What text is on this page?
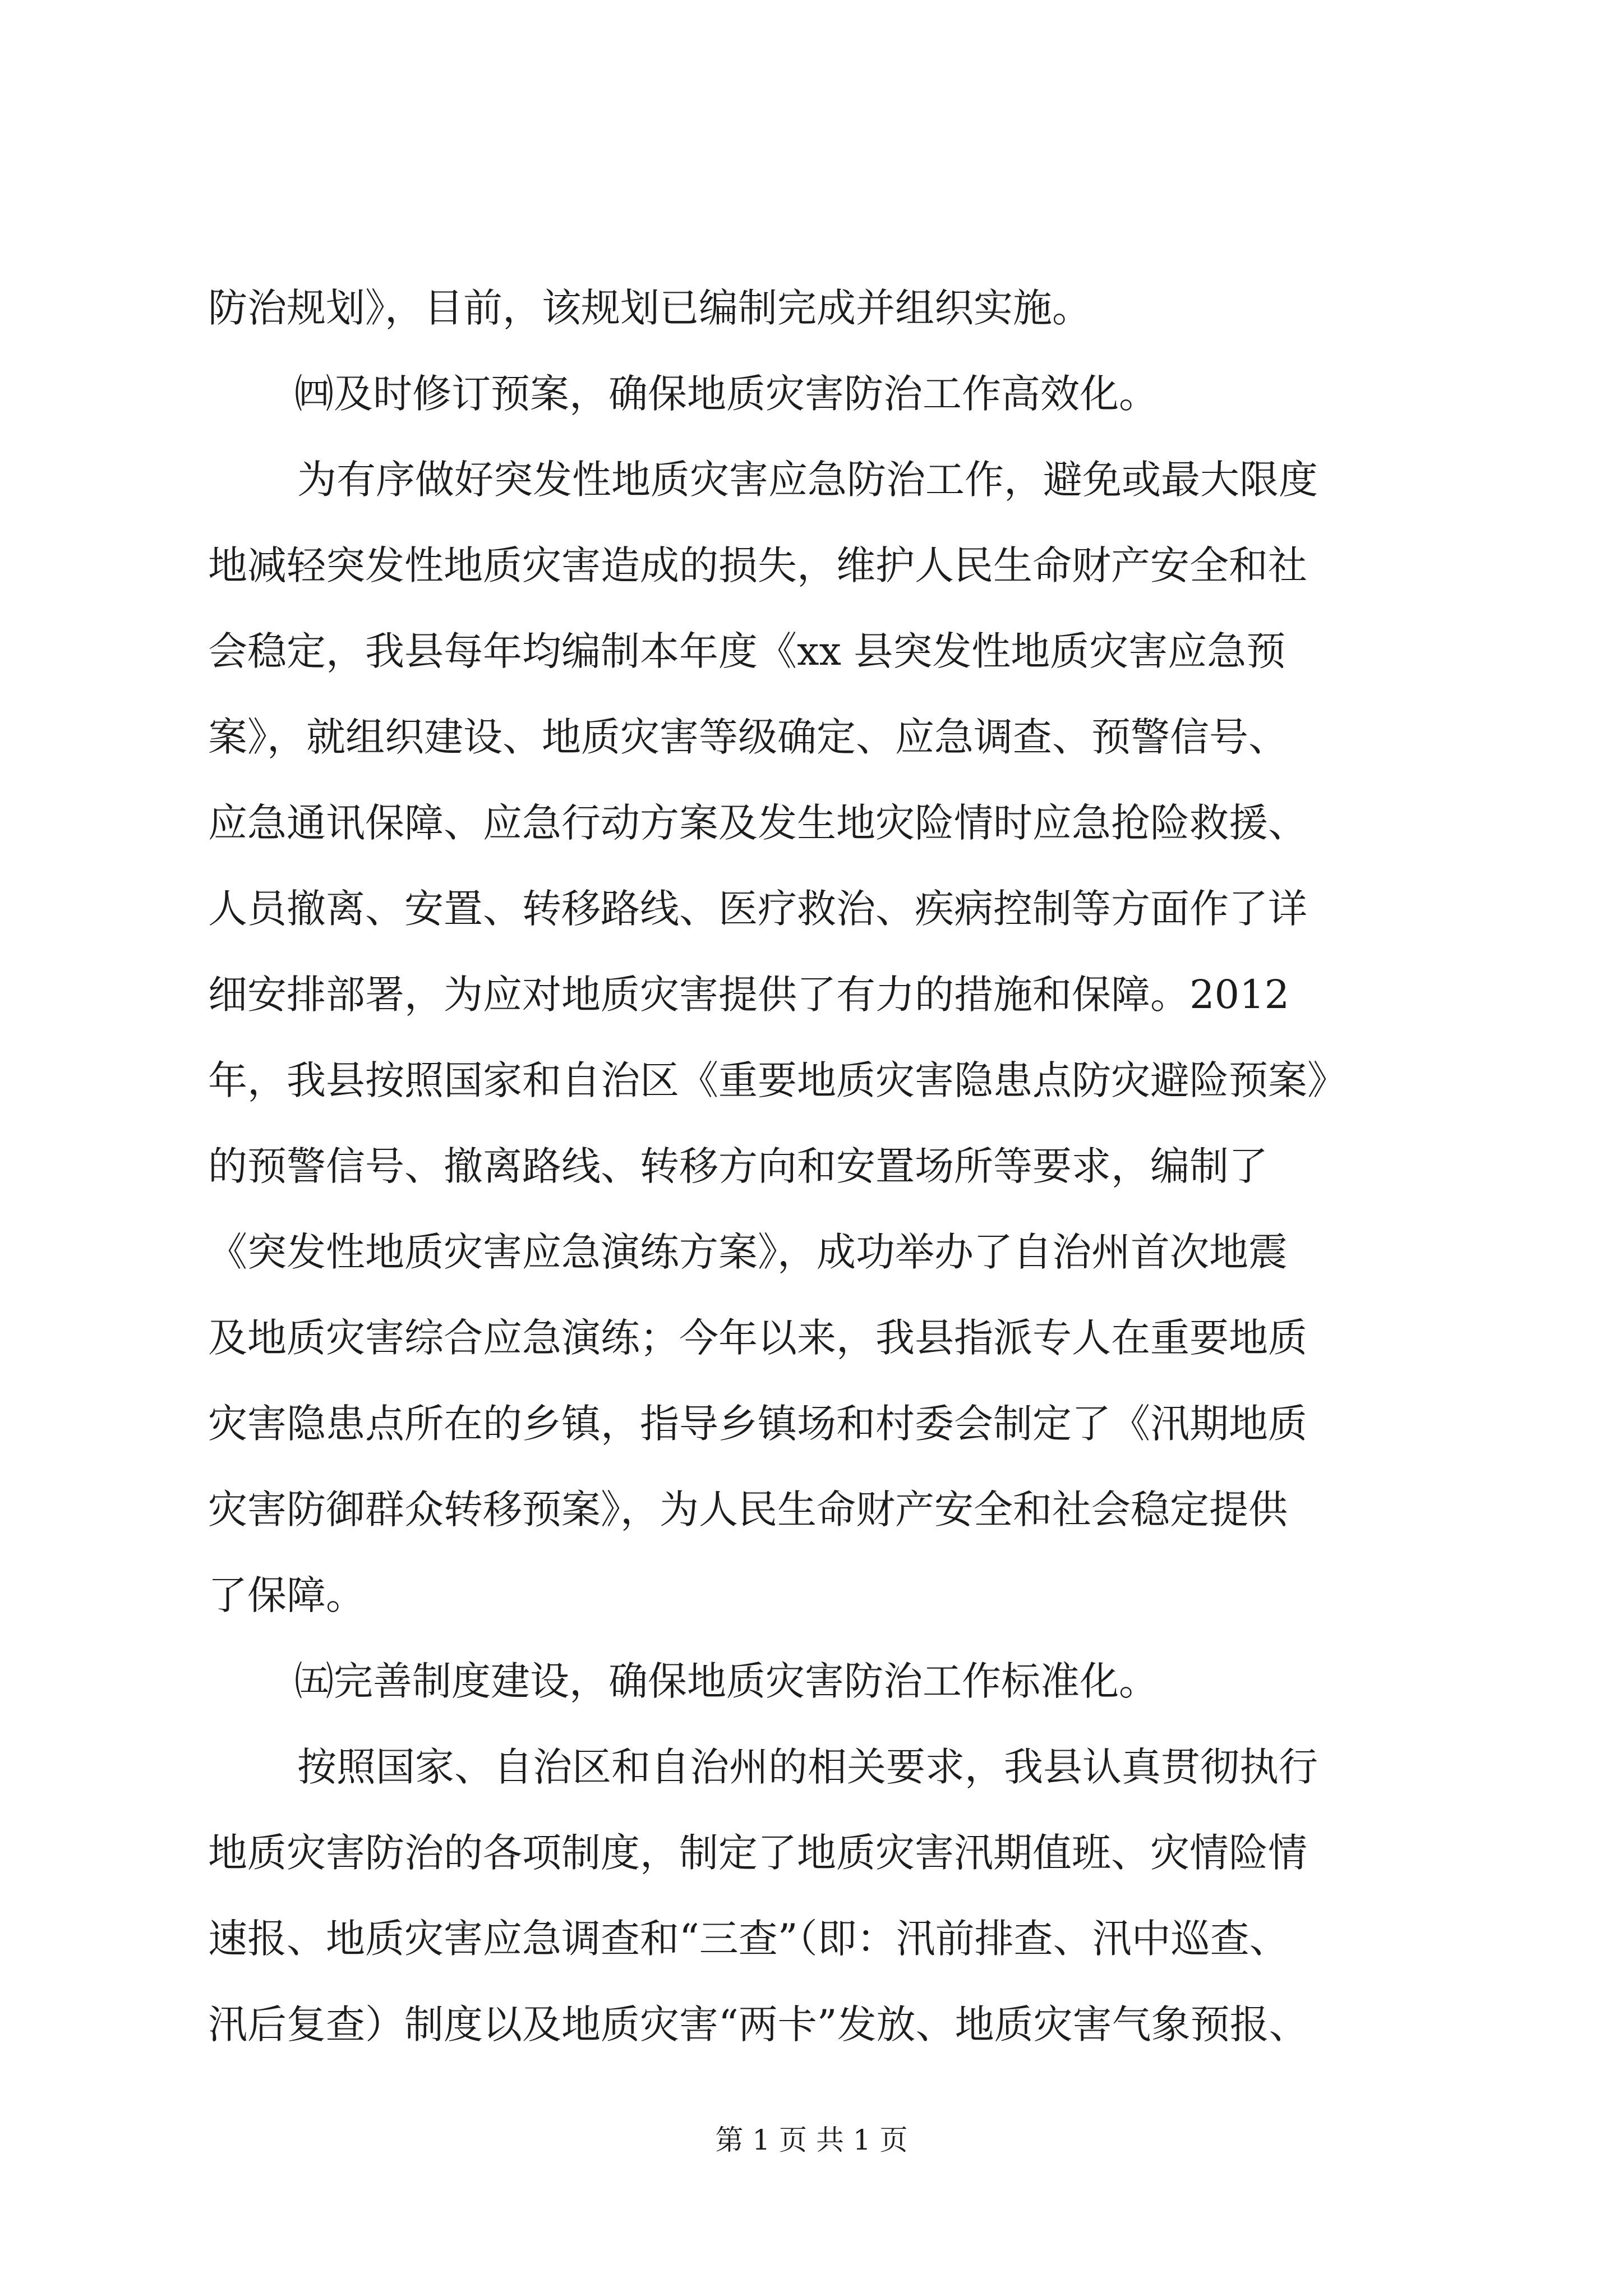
防治规划》，目前，该规划已编制完成并组织实施。

㈣及时修订预案，确保地质灾害防治工作高效化。

为有序做好突发性地质灾害应急防治工作，避免或最大限度

地减轻突发性地质灾害造成的损失，维护人民生命财产安全和社

会稳定，我县每年均编制本年度《xx 县突发性地质灾害应急预

案》，就组织建设、地质灾害等级确定、应急调查、预警信号、

应急通讯保障、应急行动方案及发生地灾险情时应急抢险救援、

人员撤离、安置、转移路线、医疗救治、疾病控制等方面作了详

细安排部署，为应对地质灾害提供了有力的措施和保障。2012

年，我县按照国家和自治区《重要地质灾害隐患点防灾避险预案》

的预警信号、撤离路线、转移方向和安置场所等要求，编制了

《突发性地质灾害应急演练方案》，成功举办了自治州首次地震

及地质灾害综合应急演练；今年以来，我县指派专人在重要地质

灾害隐患点所在的乡镇，指导乡镇场和村委会制定了《汛期地质

灾害防御群众转移预案》，为人民生命财产安全和社会稳定提供

了保障。

㈤完善制度建设，确保地质灾害防治工作标准化。

按照国家、自治区和自治州的相关要求，我县认真贯彻执行

地质灾害防治的各项制度，制定了地质灾害汛期值班、灾情险情

速报、地质灾害应急调查和“三查”（即：汛前排查、汛中巡查、

汛后复查）制度以及地质灾害“两卡”发放、地质灾害气象预报、

第 1 页 共 1 页
